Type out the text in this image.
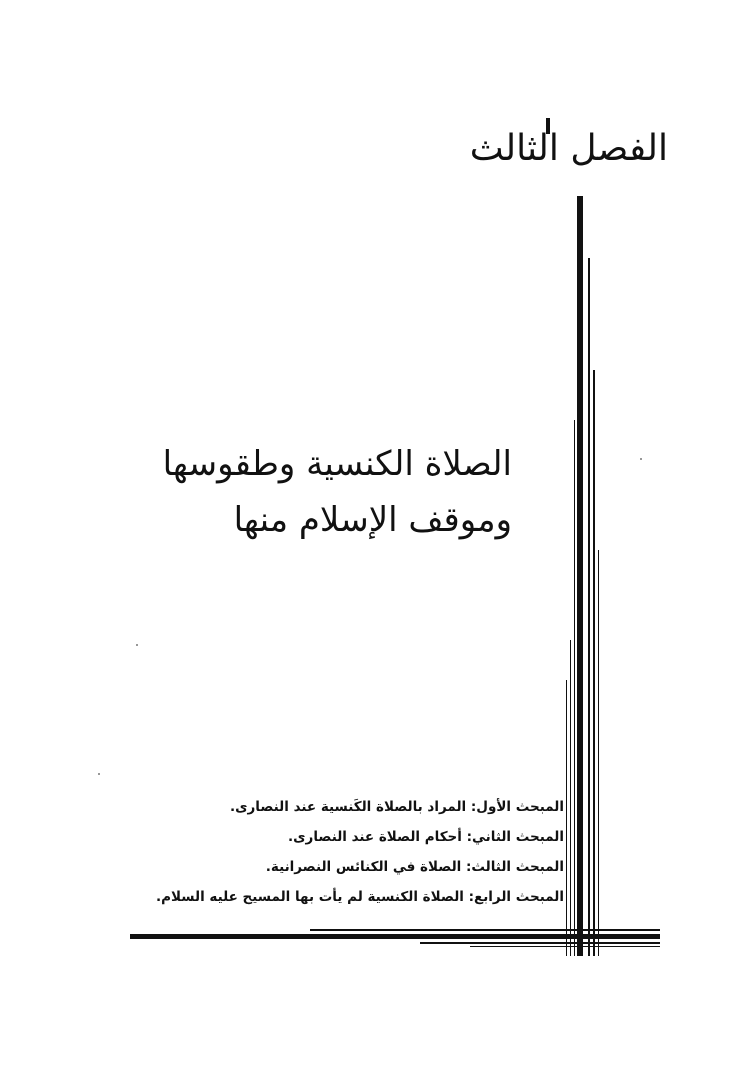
الفصل الثالث
الصلاة الكنسية وطقوسها
وموقف الإسلام منها
المبحث الأول: المراد بالصلاة الكَنسية عند النصارى.
المبحث الثاني: أحكام الصلاة عند النصارى.
المبحث الثالث: الصلاة في الكنائس النصرانية.
المبحث الرابع: الصلاة الكنسية لم يأت بها المسيح عليه السلام.
